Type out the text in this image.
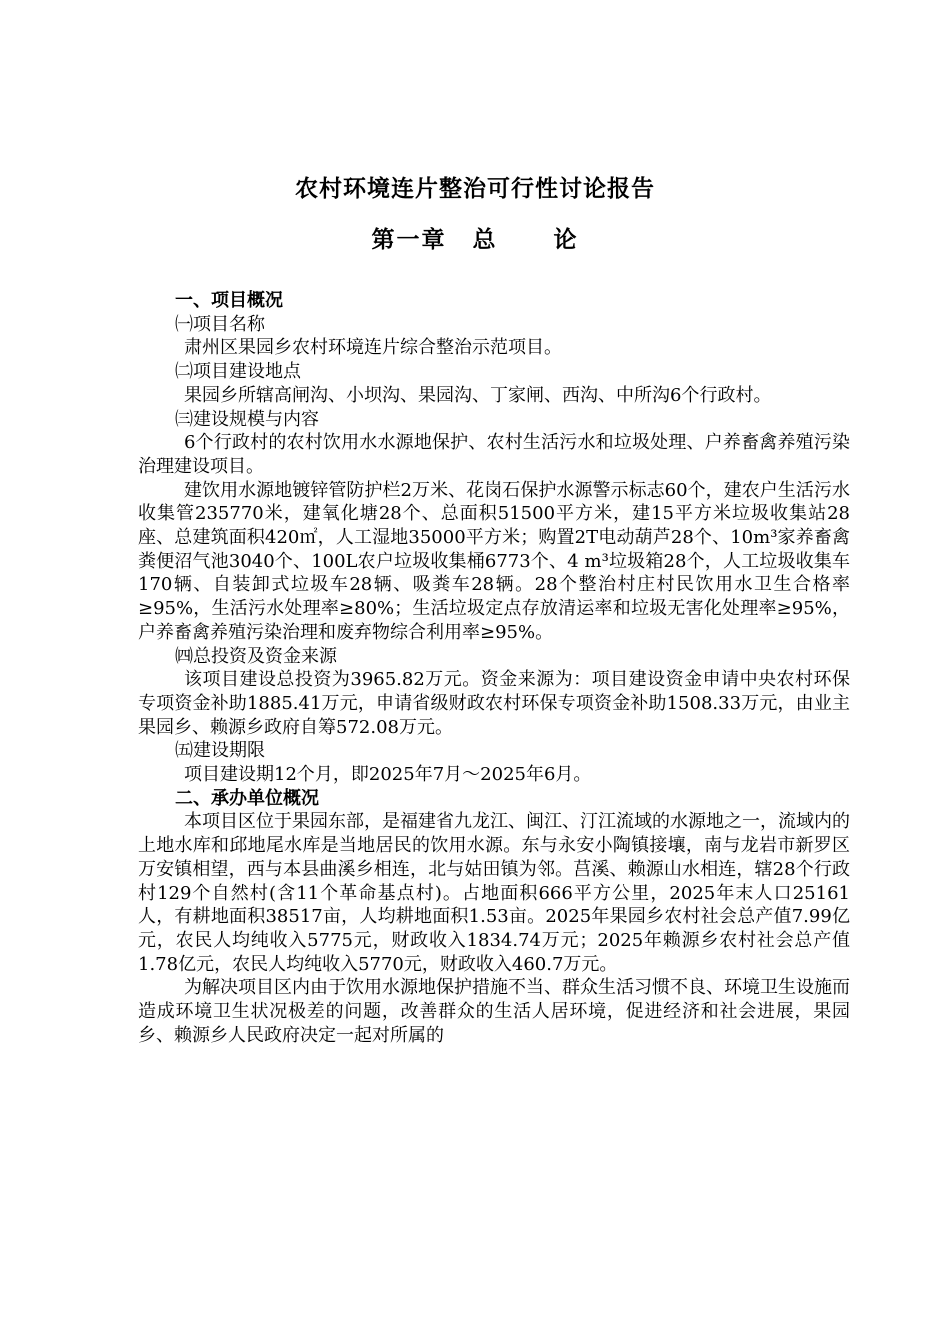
农村环境连片整治可行性讨论报告
第一章 总 论

一、项目概况

㈠项目名称

肃州区果园乡农村环境连片综合整治示范项目。

㈡项目建设地点

果园乡所辖高闸沟、小坝沟、果园沟、丁家闸、西沟、中所沟6个行政村。

㈢建设规模与内容

6个行政村的农村饮用水水源地保护、农村生活污水和垃圾处理、户养畜禽养殖污染治理建设项目。

建饮用水源地镀锌管防护栏2万米、花岗石保护水源警示标志60个，建农户生活污水收集管235770米，建氧化塘28个、总面积51500平方米，建15平方米垃圾收集站28座、总建筑面积420㎡，人工湿地35000平方米；购置2T电动葫芦28个、10m³家养畜禽粪便沼气池3040个、100L农户垃圾收集桶6773个、4 m³垃圾箱28个，人工垃圾收集车170辆、自装卸式垃圾车28辆、吸粪车28辆。28个整治村庄村民饮用水卫生合格率≥95%，生活污水处理率≥80%；生活垃圾定点存放清运率和垃圾无害化处理率≥95%，户养畜禽养殖污染治理和废弃物综合利用率≥95%。

㈣总投资及资金来源

该项目建设总投资为3965.82万元。资金来源为：项目建设资金申请中央农村环保专项资金补助1885.41万元，申请省级财政农村环保专项资金补助1508.33万元，由业主果园乡、赖源乡政府自筹572.08万元。

㈤建设期限

项目建设期12个月，即2025年7月～2025年6月。

二、承办单位概况

本项目区位于果园东部，是福建省九龙江、闽江、汀江流域的水源地之一，流域内的上地水库和邱地尾水库是当地居民的饮用水源。东与永安小陶镇接壤，南与龙岩市新罗区万安镇相望，西与本县曲溪乡相连，北与姑田镇为邻。莒溪、赖源山水相连，辖28个行政村129个自然村(含11个革命基点村)。占地面积666平方公里，2025年末人口25161人，有耕地面积38517亩，人均耕地面积1.53亩。2025年果园乡农村社会总产值7.99亿元，农民人均纯收入5775元，财政收入1834.74万元；2025年赖源乡农村社会总产值1.78亿元，农民人均纯收入5770元，财政收入460.7万元。

为解决项目区内由于饮用水源地保护措施不当、群众生活习惯不良、环境卫生设施而造成环境卫生状况极差的问题，改善群众的生活人居环境，促进经济和社会进展，果园乡、赖源乡人民政府决定一起对所属的
